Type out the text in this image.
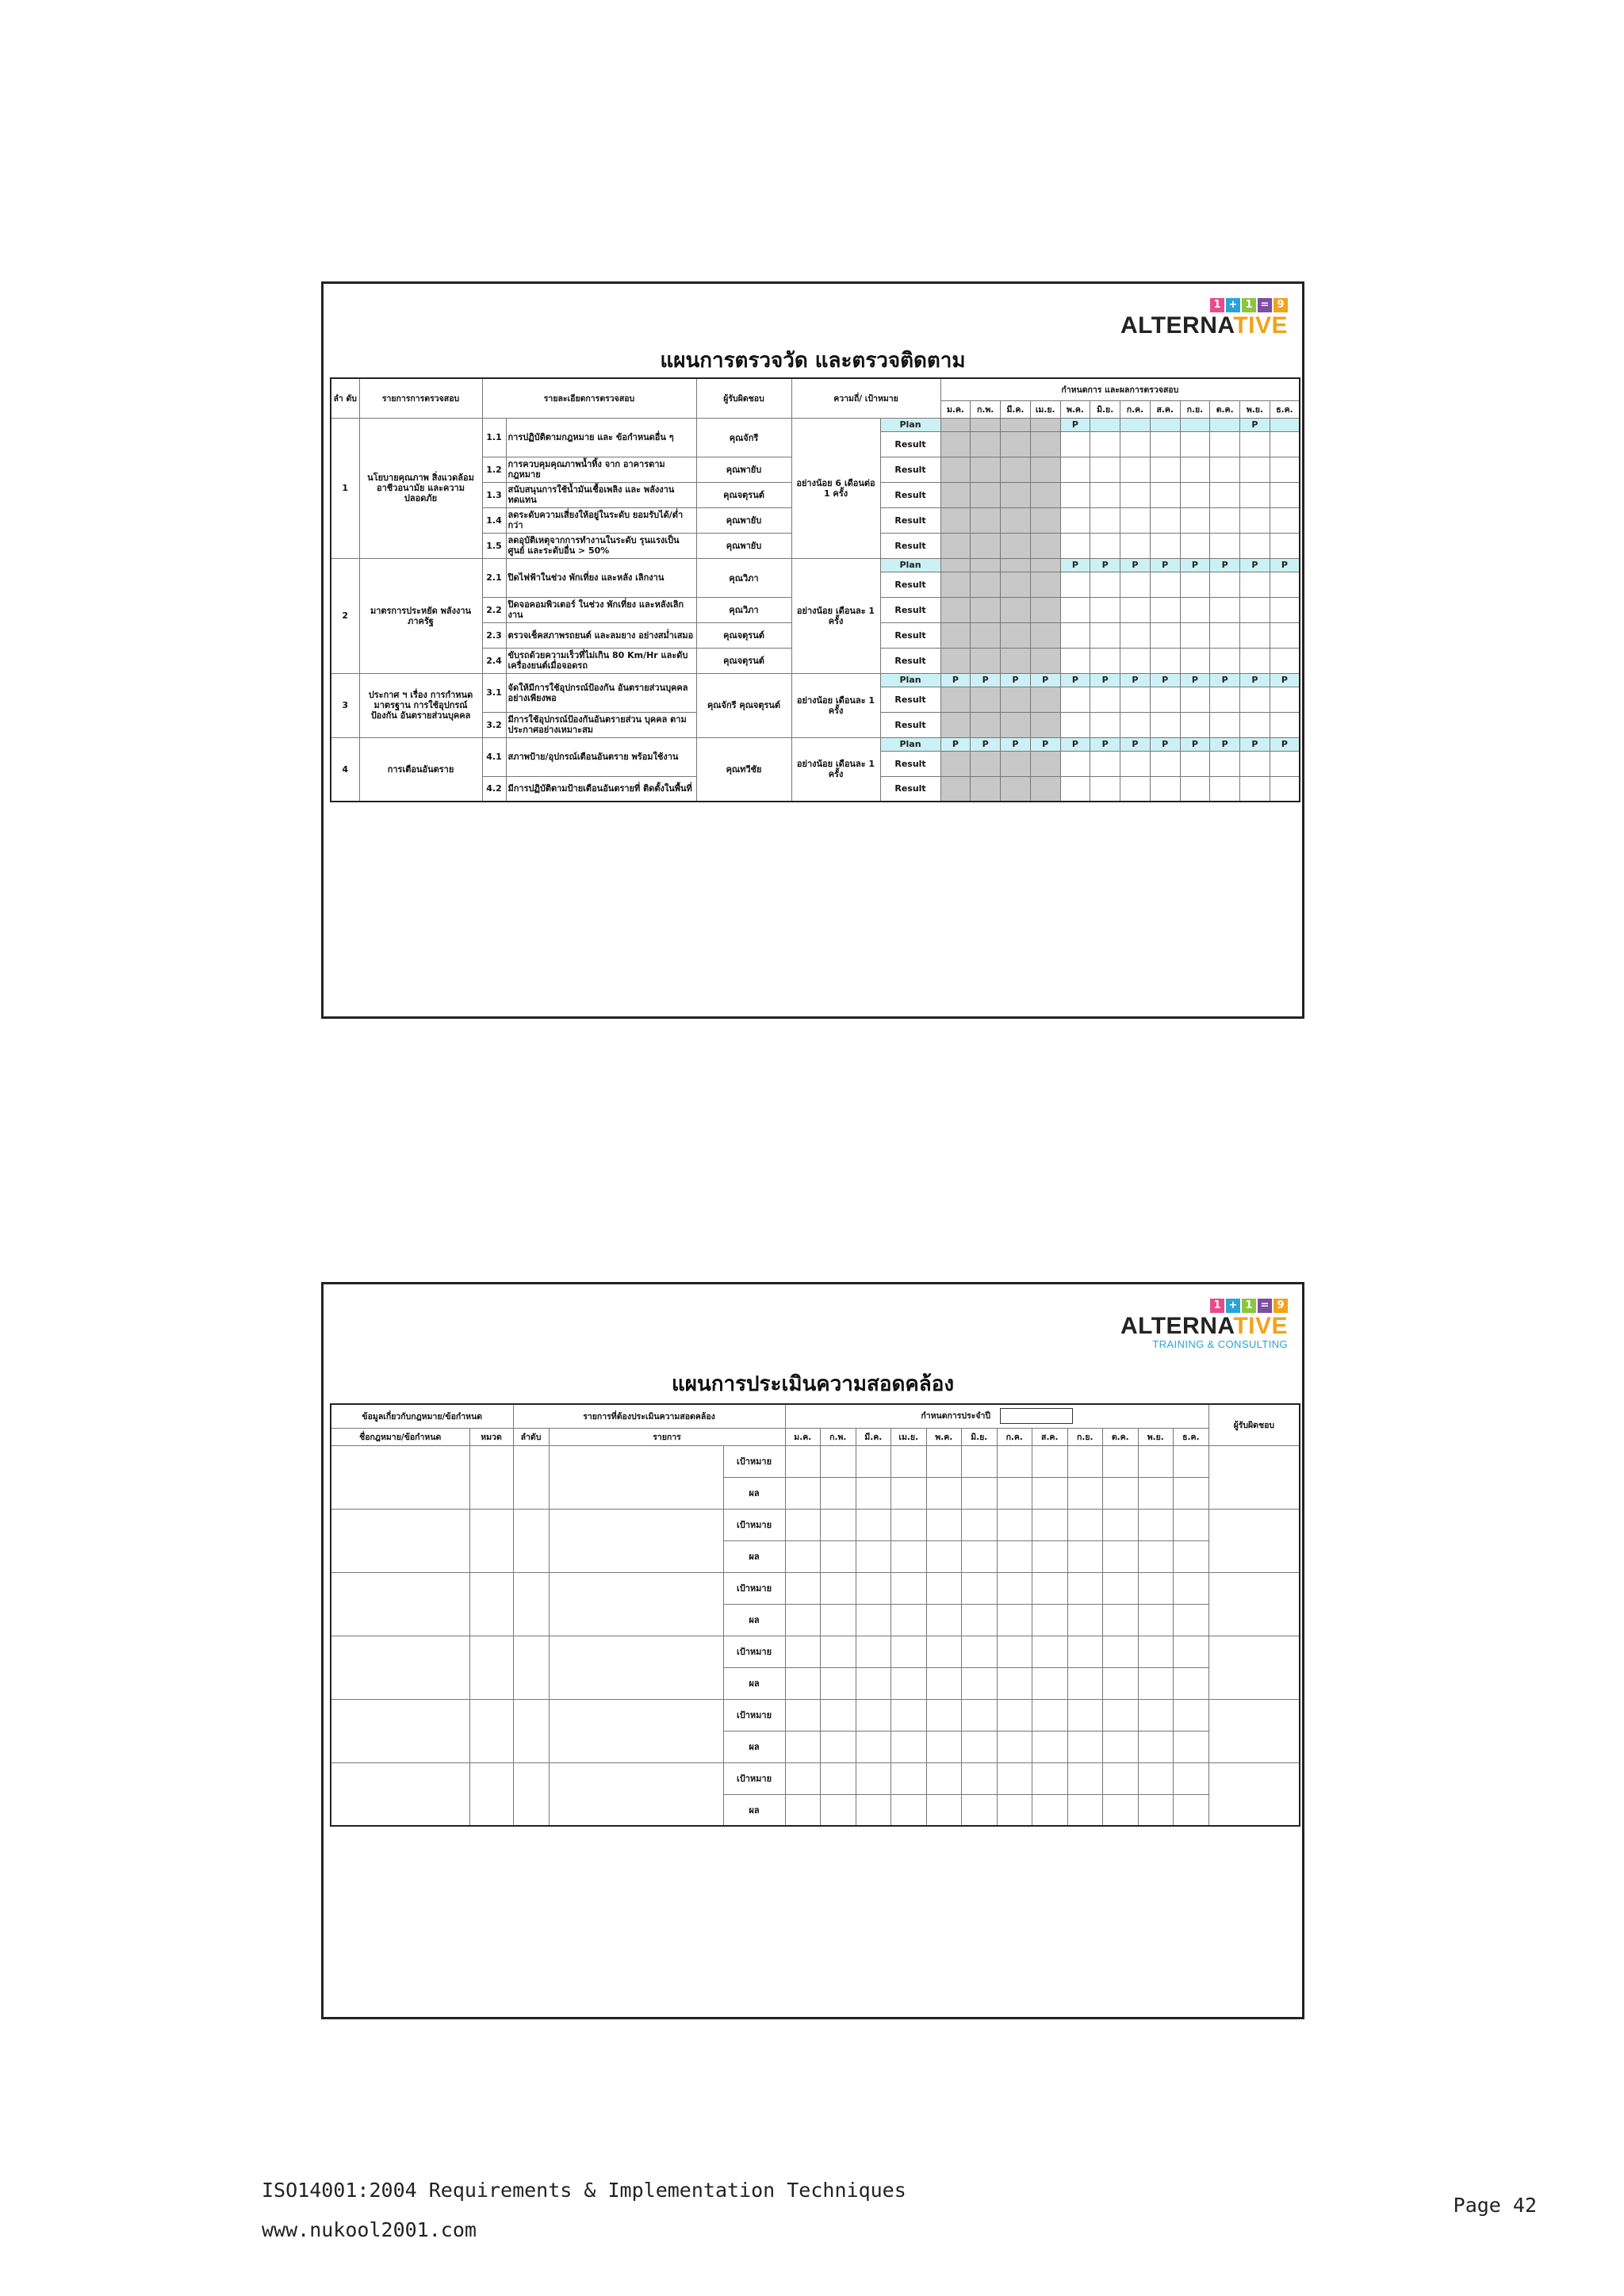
1 + 1 = 9
ALTERNATIVE
แผนการตรวจวัด และตรวจติดตาม
ลำ ดับ	รายการการตรวจสอบ	รายละเอียดการตรวจสอบ		ผู้รับผิดชอบ	ความถี่/ เป้าหมาย		กำหนดการ และผลการตรวจสอบ											
							ม.ค.	ก.พ.	มี.ค.	เม.ย.	พ.ค.	มิ.ย.	ก.ค.	ส.ค.	ก.ย.	ต.ค.	พ.ย.	ธ.ค.
1	นโยบายคุณภาพ สิ่งแวดล้อม อาชีวอนามัย และความปลอดภัย	1.1	การปฏิบัติตามกฎหมาย และ ข้อกำหนดอื่น ๆ	คุณจักรี	อย่างน้อย 6 เดือนต่อ 1 ครั้ง	Plan					P						P	
						Result												
		1.2	การควบคุมคุณภาพน้ำทิ้ง จาก อาคารตามกฎหมาย	คุณพายับ		Result												
		1.3	สนับสนุนการใช้น้ำมันเชื้อเพลิง และ พลังงานทดแทน	คุณจตุรนต์		Result												
		1.4	ลดระดับความเสี่ยงให้อยู่ในระดับ ยอมรับได้/ต่ำกว่า	คุณพายับ		Result												
		1.5	ลดอุบัติเหตุจากการทำงานในระดับ รุนแรงเป็นศูนย์ และระดับอื่น > 50%	คุณพายับ		Result												
2	มาตรการประหยัด พลังงาน ภาครัฐ	2.1	ปิดไฟฟ้าในช่วง พักเที่ยง และหลัง เลิกงาน	คุณวิภา	อย่างน้อย เดือนละ 1 ครั้ง	Plan					P	P	P	P	P	P	P	P
						Result												
		2.2	ปิดจอคอมพิวเตอร์ ในช่วง พักเที่ยง และหลังเลิกงาน	คุณวิภา		Result												
		2.3	ตรวจเช็คสภาพรถยนต์ และลมยาง อย่างสม่ำเสมอ	คุณจตุรนต์		Result												
		2.4	ขับรถด้วยความเร็วที่ไม่เกิน 80 Km/Hr และดับเครื่องยนต์เมื่อจอดรถ	คุณจตุรนต์		Result												
3	ประกาศ ฯ เรื่อง การกำหนดมาตรฐาน การใช้อุปกรณ์ป้องกัน อันตรายส่วนบุคคล	3.1	จัดให้มีการใช้อุปกรณ์ป้องกัน อันตรายส่วนบุคคล อย่างเพียงพอ	คุณจักรี คุณจตุรนต์	อย่างน้อย เดือนละ 1 ครั้ง	Plan	P	P	P	P	P	P	P	P	P	P	P	P
						Result												
		3.2	มีการใช้อุปกรณ์ป้องกันอันตรายส่วน บุคคล ตามประกาศอย่างเหมาะสม			Result												
4	การเตือนอันตราย	4.1	สภาพป้าย/อุปกรณ์เตือนอันตราย พร้อมใช้งาน	คุณทวีชัย	อย่างน้อย เดือนละ 1 ครั้ง	Plan	P	P	P	P	P	P	P	P	P	P	P	P
						Result												
		4.2	มีการปฏิบัติตามป้ายเตือนอันตรายที่ ติดตั้งในพื้นที่			Result												
1 + 1 = 9
ALTERNATIVE
TRAINING & CONSULTING
แผนการประเมินความสอดคล้อง
ข้อมูลเกี่ยวกับกฎหมาย/ข้อกำหนด		รายการที่ต้องประเมินความสอดคล้อง			กำหนดการประจำปี												ผู้รับผิดชอบ
ชื่อกฎหมาย/ข้อกำหนด	หมวด	ลำดับ	รายการ		ม.ค.	ก.พ.	มี.ค.	เม.ย.	พ.ค.	มิ.ย.	ก.ค.	ส.ค.	ก.ย.	ต.ค.	พ.ย.	ธ.ค.	
				เป้าหมาย													
				ผล													
				เป้าหมาย													
				ผล													
				เป้าหมาย													
				ผล													
				เป้าหมาย													
				ผล													
				เป้าหมาย													
				ผล													
				เป้าหมาย													
				ผล													
ISO14001:2004 Requirements & Implementation Techniques
www.nukool2001.com
Page 42
